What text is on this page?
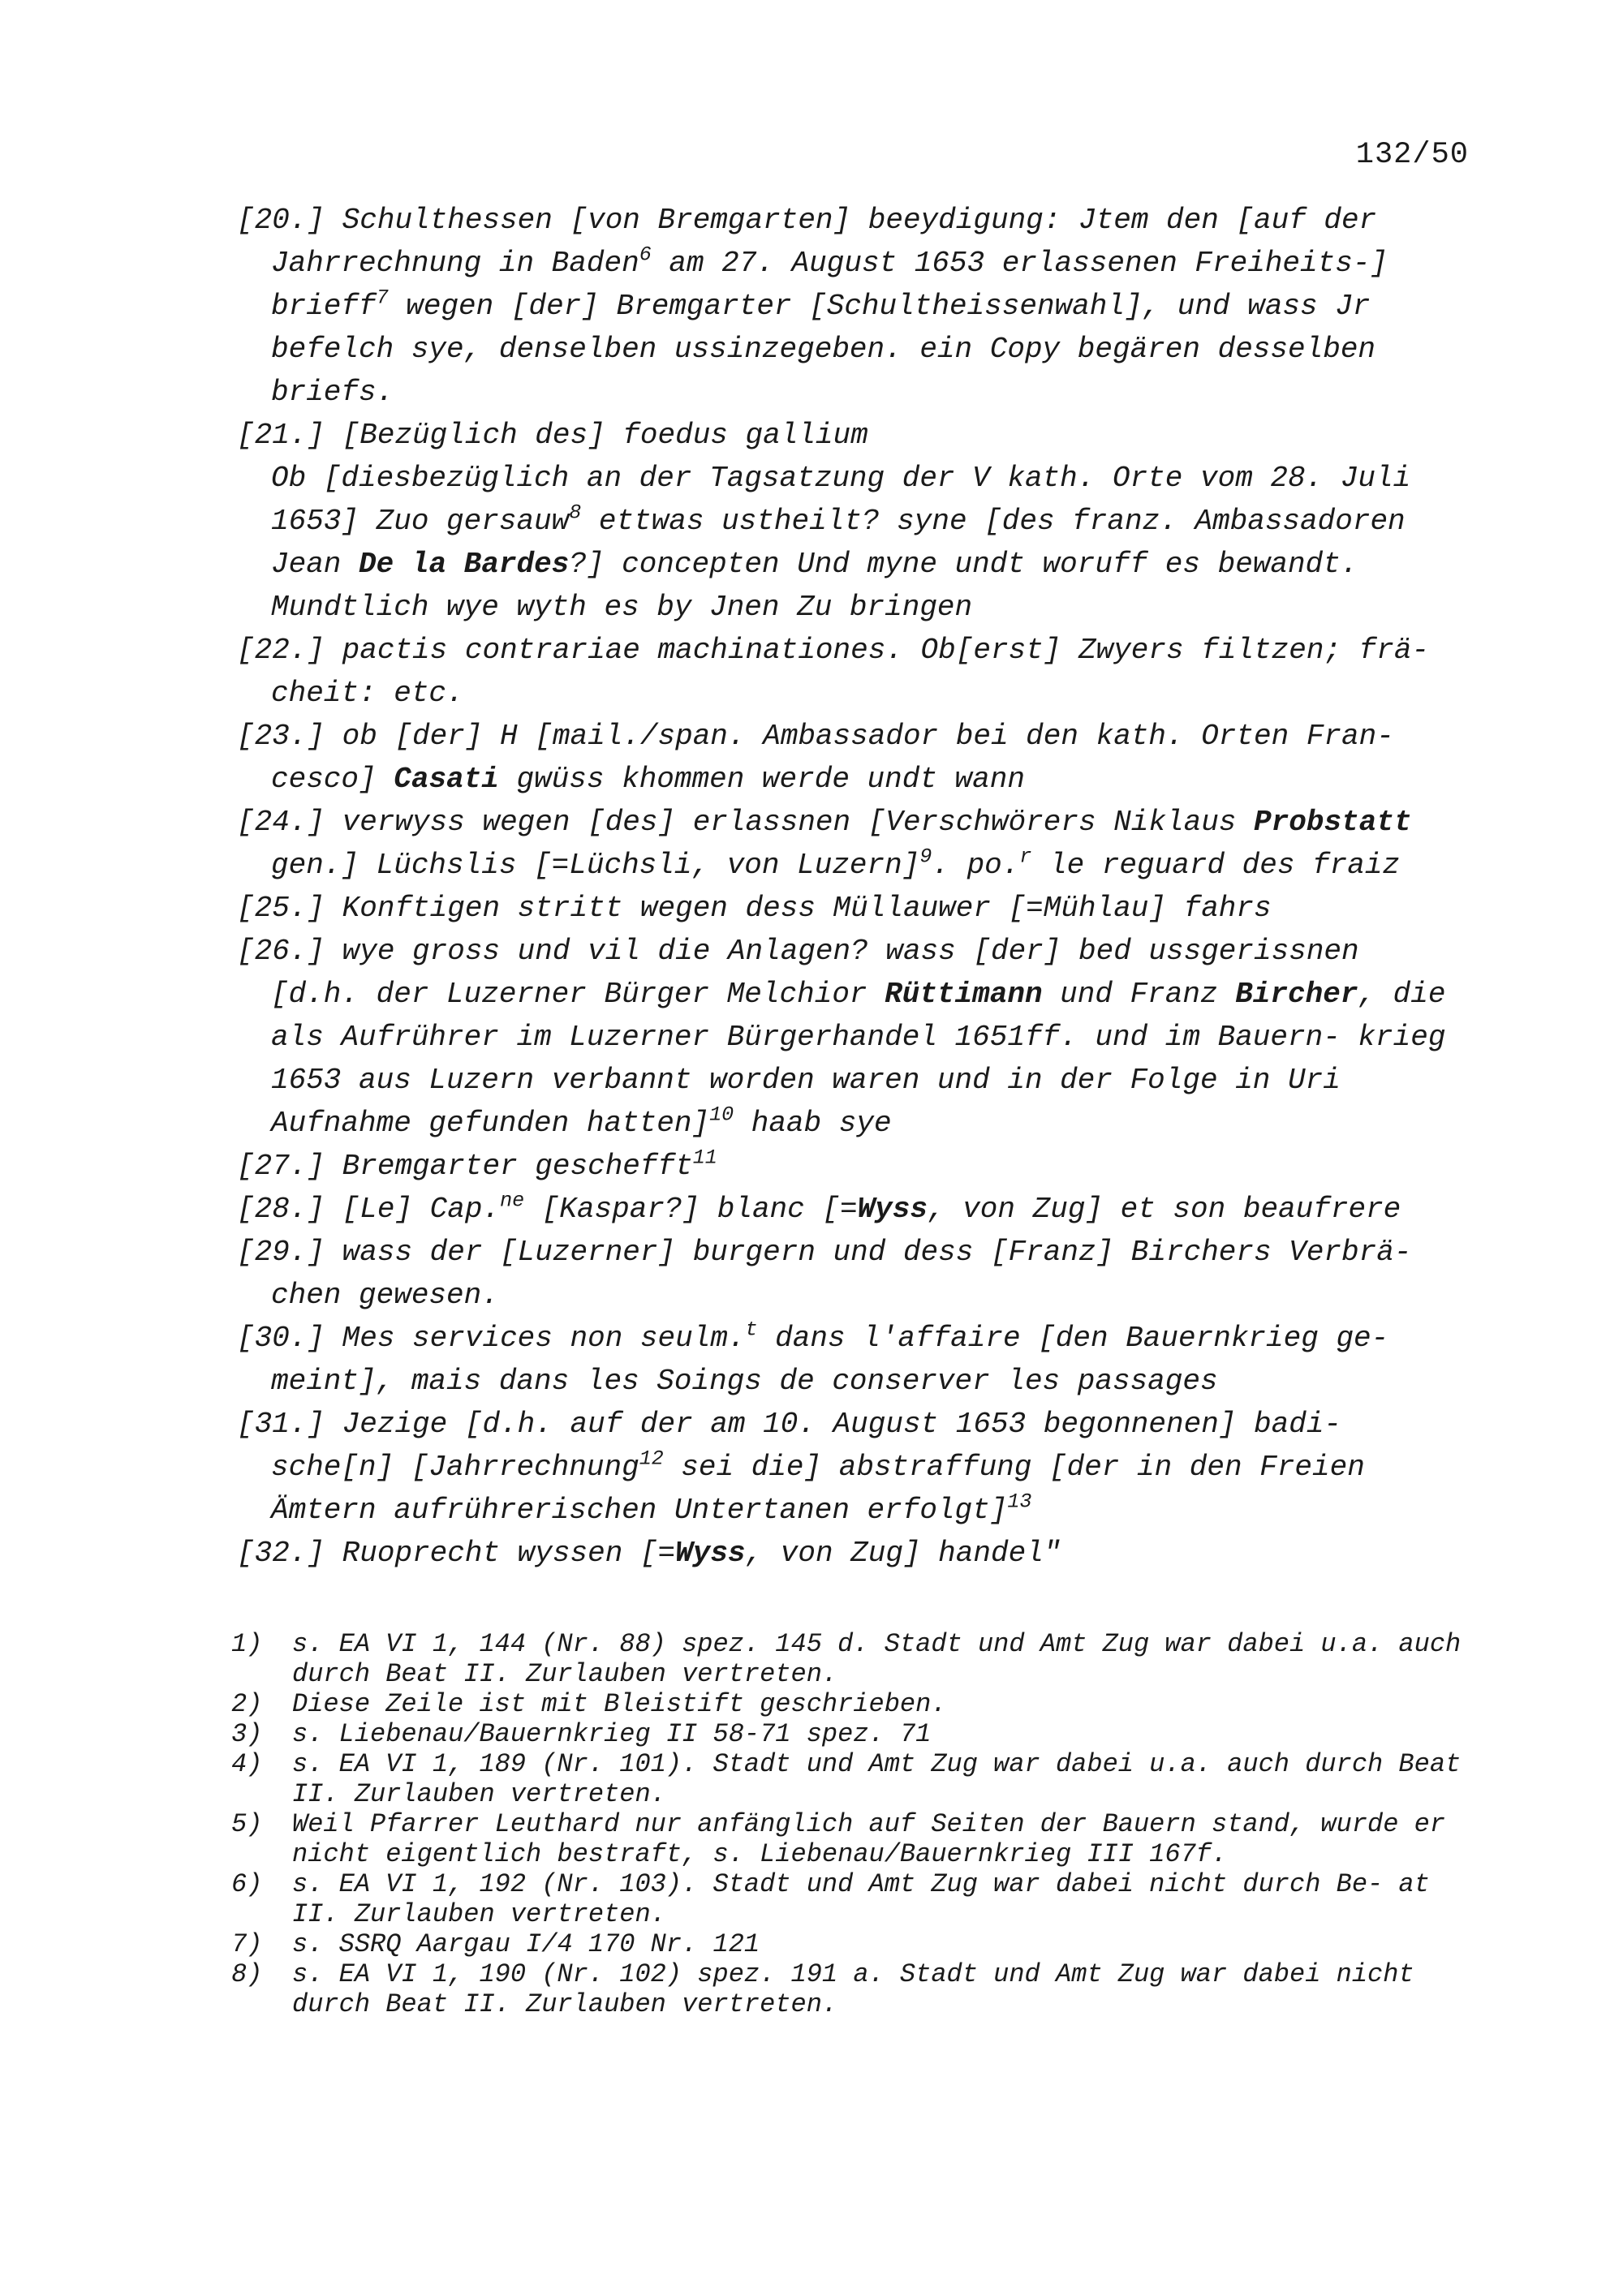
132/50
[20.] Schulthessen [von Bremgarten] beeydigung: Jtem den [auf der Jahrrechnung in Baden$^6$ am 27. August 1653 erlassenen Freiheits-] brieff$^7$ wegen [der] Bremgarter [Schultheissenwahl], und wass Jr befelch sye, denselben ussinzegeben. ein Copy begären desselben briefs.
[21.] [Bezüglich des] foedus gallium
Ob [diesbezüglich an der Tagsatzung der V kath. Orte vom 28. Juli 1653] Zuo gersauw$^8$ ettwas ustheilt? syne [des franz. Ambassadoren Jean De la Bardes?] concepten Und myne undt woruff es bewandt. Mundtlich wye wyth es by Jnen Zu bringen
[22.] pactis contrariae machinationes. Ob[erst] Zwyers filtzen; frä- cheit: etc.
[23.] ob [der] H [mail./span. Ambassador bei den kath. Orten Fran- cesco] Casati gwüss khommen werde undt wann
[24.] verwyss wegen [des] erlassnen [Verschwörers Niklaus Probstatt gen.] Lüchslis [=Lüchsli, von Luzern]$^9$. po.$^r$ le reguard des fraiz
[25.] Konftigen stritt wegen dess Müllauwer [=Mühlau] fahrs
[26.] wye gross und vil die Anlagen? wass [der] bed ussgerissnen [d.h. der Luzerner Bürger Melchior Rüttimann und Franz Bircher, die als Aufrührer im Luzerner Bürgerhandel 1651ff. und im Bauern- krieg 1653 aus Luzern verbannt worden waren und in der Folge in Uri Aufnahme gefunden hatten]$^{10}$ haab sye
[27.] Bremgarter geschefft$^{11}$
[28.] [Le] Cap.$^{ne}$ [Kaspar?] blanc [=Wyss, von Zug] et son beaufrere
[29.] wass der [Luzerner] burgern und dess [Franz] Birchers Verbrä- chen gewesen.
[30.] Mes services non seulm.$^t$ dans l'affaire [den Bauernkrieg ge- meint], mais dans les Soings de conserver les passages
[31.] Jezige [d.h. auf der am 10. August 1653 begonnenen] badi- sche[n] [Jahrrechnung$^{12}$ sei die] abstraffung [der in den Freien Ämtern aufrührerischen Untertanen erfolgt]$^{13}$
[32.] Ruoprecht wyssen [=Wyss, von Zug] handel"
1)	s. EA VI 1, 144 (Nr. 88) spez. 145 d. Stadt und Amt Zug war dabei u.a. auch durch Beat II. Zurlauben vertreten.
2)	Diese Zeile ist mit Bleistift geschrieben.
3)	s. Liebenau/Bauernkrieg II 58-71 spez. 71
4)	s. EA VI 1, 189 (Nr. 101). Stadt und Amt Zug war dabei u.a. auch durch Beat II. Zurlauben vertreten.
5)	Weil Pfarrer Leuthard nur anfänglich auf Seiten der Bauern stand, wurde er nicht eigentlich bestraft, s. Liebenau/Bauernkrieg III 167f.
6)	s. EA VI 1, 192 (Nr. 103). Stadt und Amt Zug war dabei nicht durch Be- at II. Zurlauben vertreten.
7)	s. SSRQ Aargau I/4 170 Nr. 121
8)	s. EA VI 1, 190 (Nr. 102) spez. 191 a. Stadt und Amt Zug war dabei nicht durch Beat II. Zurlauben vertreten.
